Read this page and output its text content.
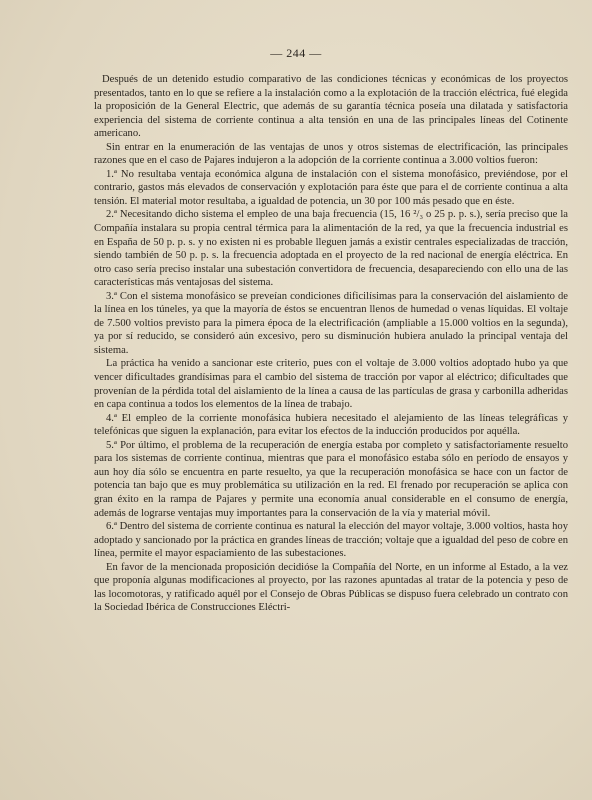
— 244 —

Después de un detenido estudio comparativo de las condiciones técnicas y económicas de los proyectos presentados, tanto en lo que se refiere a la instalación como a la explotación de la tracción eléctrica, fué elegida la proposición de la General Electric, que además de su garantía técnica poseía una dilatada y satisfactoria experiencia del sistema de corriente continua a alta tensión en una de las principales líneas del Cotinente americano.

Sin entrar en la enumeración de las ventajas de unos y otros sistemas de electrificación, las principales razones que en el caso de Pajares indujeron a la adopción de la corriente continua a 3.000 voltios fueron:

1.ª No resultaba ventaja económica alguna de instalación con el sistema monofásico, previéndose, por el contrario, gastos más elevados de conservación y explotación para éste que para el de corriente continua a alta tensión. El material motor resultaba, a igualdad de potencia, un 30 por 100 más pesado que en éste.

2.ª Necesitando dicho sistema el empleo de una baja frecuencia (15, 16 ²/₃ o 25 p. p. s.), sería preciso que la Compañía instalara su propia central térmica para la alimentación de la red, ya que la frecuencia industrial es en España de 50 p. p. s. y no existen ni es probable lleguen jamás a existir centrales especializadas de tracción, siendo también de 50 p. p. s. la frecuencia adoptada en el proyecto de la red nacional de energía eléctrica. En otro caso sería preciso instalar una subestación convertidora de frecuencia, desapareciendo con ello una de las características más ventajosas del sistema.

3.ª Con el sistema monofásico se preveían condiciones dificilísimas para la conservación del aislamiento de la línea en los túneles, ya que la mayoría de éstos se encuentran llenos de humedad o venas líquidas. El voltaje de 7.500 voltios previsto para la pimera época de la electrificación (ampliable a 15.000 voltios en la segunda), ya por sí reducido, se consideró aún excesivo, pero su disminución hubiera anulado la principal ventaja del sistema.

La práctica ha venido a sancionar este criterio, pues con el voltaje de 3.000 voltios adoptado hubo ya que vencer dificultades grandísimas para el cambio del sistema de tracción por vapor al eléctrico; dificultades que provenían de la pérdida total del aislamiento de la línea a causa de las partículas de grasa y carbonilla adheridas en capa continua a todos los elementos de la línea de trabajo.

4.ª El empleo de la corriente monofásica hubiera necesitado el alejamiento de las líneas telegráficas y telefónicas que siguen la explanación, para evitar los efectos de la inducción producidos por aquélla.

5.ª Por último, el problema de la recuperación de energía estaba por completo y satisfactoriamente resuelto para los sistemas de corriente continua, mientras que para el monofásico estaba sólo en período de ensayos y aun hoy día sólo se encuentra en parte resuelto, ya que la recuperación monofásica se hace con un factor de potencia tan bajo que es muy problemática su utilización en la red. El frenado por recuperación se aplica con gran éxito en la rampa de Pajares y permite una economía anual considerable en el consumo de energía, además de lograrse ventajas muy importantes para la conservación de la vía y material móvil.

6.ª Dentro del sistema de corriente continua es natural la elección del mayor voltaje, 3.000 voltios, hasta hoy adoptado y sancionado por la práctica en grandes líneas de tracción; voltaje que a igualdad del peso de cobre en línea, permite el mayor espaciamiento de las subestaciones.

En favor de la mencionada proposición decidióse la Compañía del Norte, en un informe al Estado, a la vez que proponía algunas modificaciones al proyecto, por las razones apuntadas al tratar de la potencia y peso de las locomotoras, y ratificado aquél por el Consejo de Obras Públicas se dispuso fuera celebrado un contrato con la Sociedad Ibérica de Construcciones Eléctri-
